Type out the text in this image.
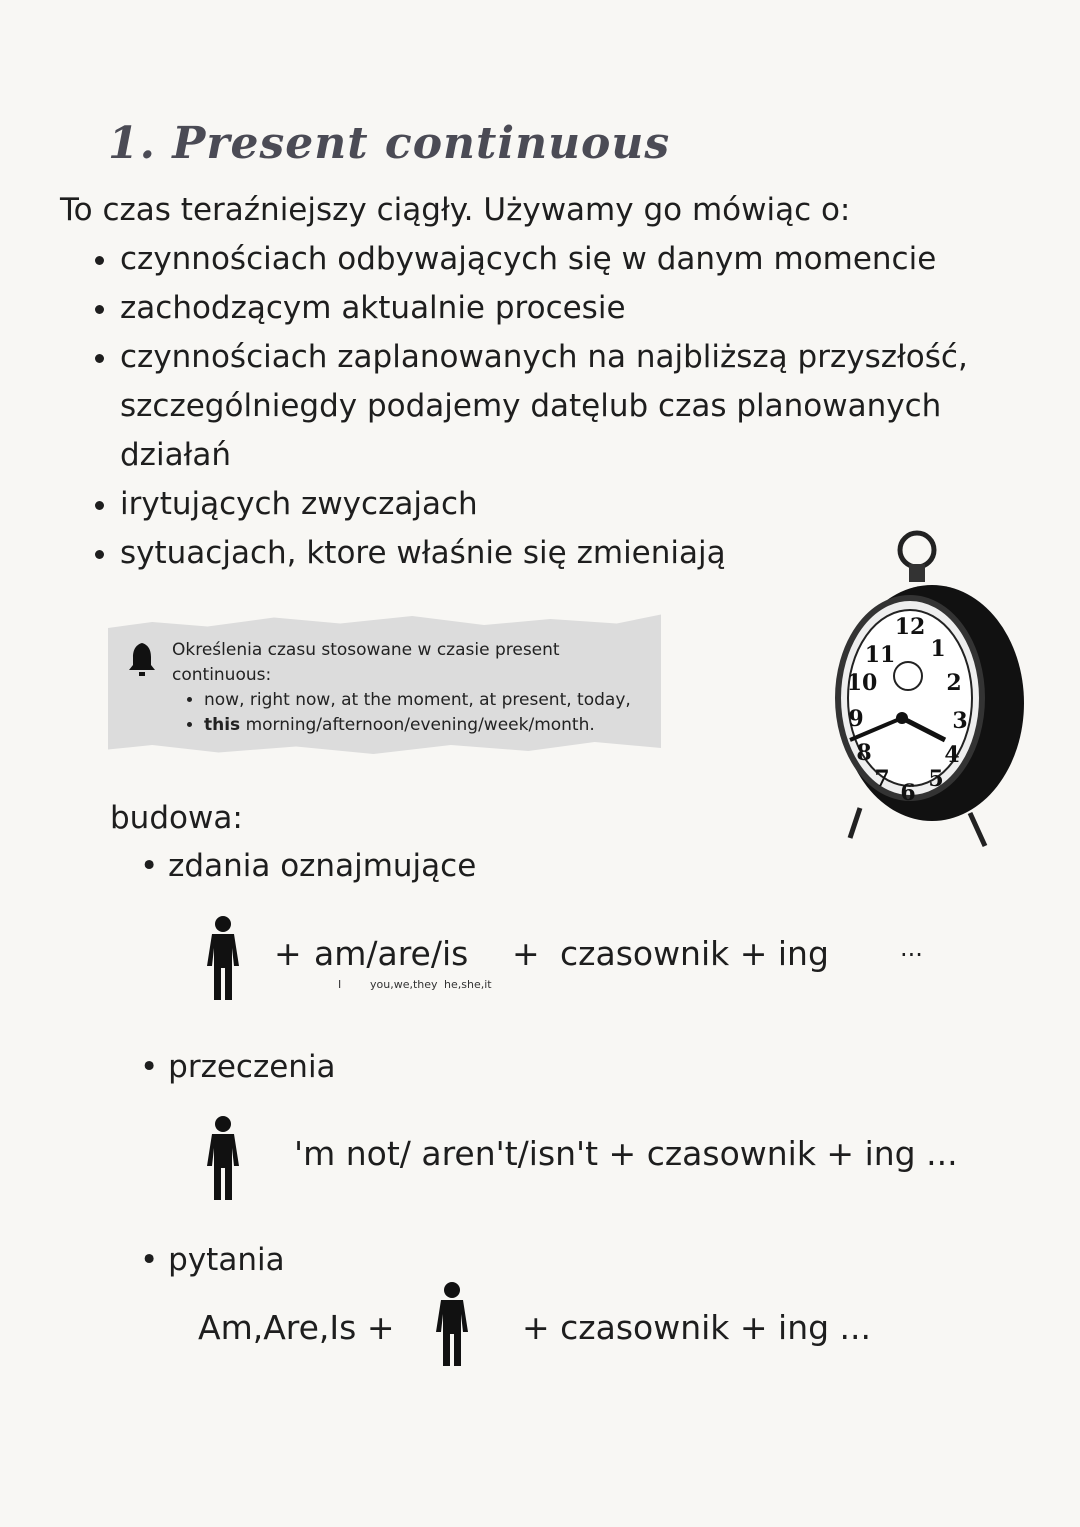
1. Present continuous
To czas teraźniejszy ciągły. Używamy go mówiąc o:
• czynnościach odbywających się w danym momencie
• zachodzącym aktualnie procesie
• czynnościach zaplanowanych na najbliższą przyszłość, szczególniegdy podajemy datęlub czas planowanych działań
• irytujących zwyczajach
• sytuacjach, ktore właśnie się zmieniają
Określenia czasu stosowane w czasie present continuous:
• now, right now, at the moment, at present, today,
• this morning/afternoon/evening/week/month.
12
1
2
3
4
5
6
7
8
9
10
11
budowa:
• zdania oznajmujące
+ am/are/is + czasownik + ing	...
I	you,we,they he,she,it
• przeczenia
'm not/ aren't/isn't + czasownik + ing ...
• pytania
Am,Are,Is +	+ czasownik + ing ...
